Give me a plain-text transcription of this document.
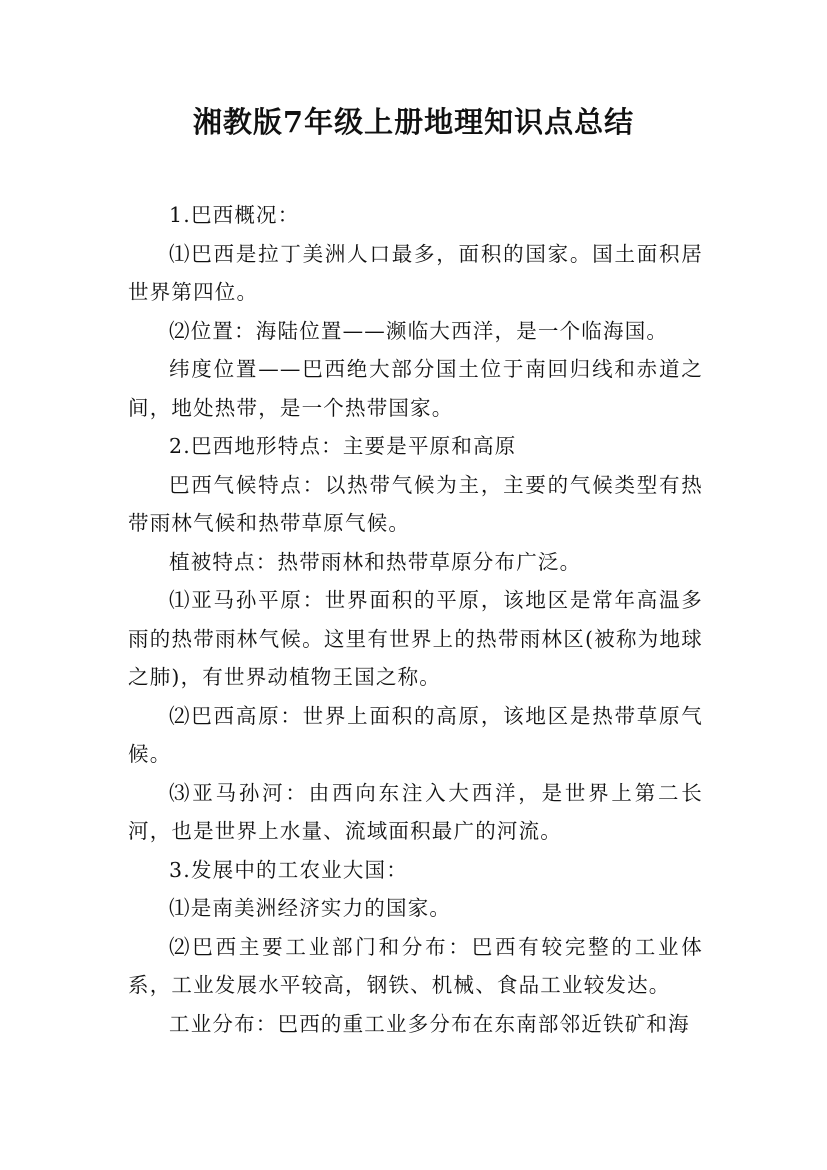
湘教版7年级上册地理知识点总结

1.巴西概况：

⑴巴西是拉丁美洲人口最多，面积的国家。国土面积居世界第四位。

⑵位置：海陆位置——濒临大西洋，是一个临海国。

纬度位置——巴西绝大部分国土位于南回归线和赤道之间，地处热带，是一个热带国家。

2.巴西地形特点：主要是平原和高原

巴西气候特点：以热带气候为主，主要的气候类型有热带雨林气候和热带草原气候。

植被特点：热带雨林和热带草原分布广泛。

⑴亚马孙平原：世界面积的平原，该地区是常年高温多雨的热带雨林气候。这里有世界上的热带雨林区(被称为地球之肺)，有世界动植物王国之称。

⑵巴西高原：世界上面积的高原，该地区是热带草原气候。

⑶亚马孙河：由西向东注入大西洋，是世界上第二长河，也是世界上水量、流域面积最广的河流。

3.发展中的工农业大国：

⑴是南美洲经济实力的国家。

⑵巴西主要工业部门和分布：巴西有较完整的工业体系，工业发展水平较高，钢铁、机械、食品工业较发达。

工业分布：巴西的重工业多分布在东南部邻近铁矿和海
